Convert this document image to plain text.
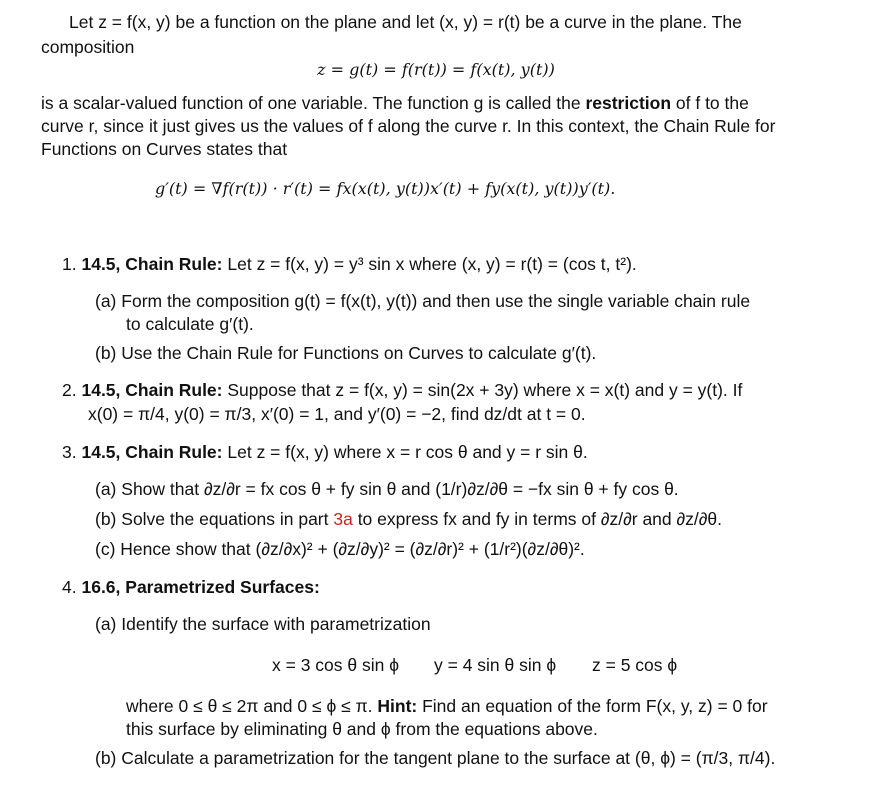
Let z = f(x, y) be a function on the plane and let (x, y) = r(t) be a curve in the plane. The
composition
z = g(t) = f(r(t)) = f(x(t), y(t))
is a scalar-valued function of one variable. The function g is called the restriction of f to the
curve r, since it just gives us the values of f along the curve r. In this context, the Chain Rule for
Functions on Curves states that
g′(t) = ∇f(r(t)) · r′(t) = fx(x(t), y(t))x′(t) + fy(x(t), y(t))y′(t).
1. 14.5, Chain Rule: Let z = f(x, y) = y³ sin x where (x, y) = r(t) = (cos t, t²).
(a) Form the composition g(t) = f(x(t), y(t)) and then use the single variable chain rule
to calculate g′(t).
(b) Use the Chain Rule for Functions on Curves to calculate g′(t).
2. 14.5, Chain Rule: Suppose that z = f(x, y) = sin(2x + 3y) where x = x(t) and y = y(t). If
x(0) = π/4, y(0) = π/3, x′(0) = 1, and y′(0) = −2, find dz/dt at t = 0.
3. 14.5, Chain Rule: Let z = f(x, y) where x = r cos θ and y = r sin θ.
(a) Show that ∂z/∂r = fx cos θ + fy sin θ and (1/r)∂z/∂θ = −fx sin θ + fy cos θ.
(b) Solve the equations in part 3a to express fx and fy in terms of ∂z/∂r and ∂z/∂θ.
(c) Hence show that (∂z/∂x)² + (∂z/∂y)² = (∂z/∂r)² + (1/r²)(∂z/∂θ)².
4. 16.6, Parametrized Surfaces:
(a) Identify the surface with parametrization
x = 3 cos θ sin ϕ y = 4 sin θ sin ϕ z = 5 cos ϕ
where 0 ≤ θ ≤ 2π and 0 ≤ ϕ ≤ π. Hint: Find an equation of the form F(x, y, z) = 0 for
this surface by eliminating θ and ϕ from the equations above.
(b) Calculate a parametrization for the tangent plane to the surface at (θ, ϕ) = (π/3, π/4).
